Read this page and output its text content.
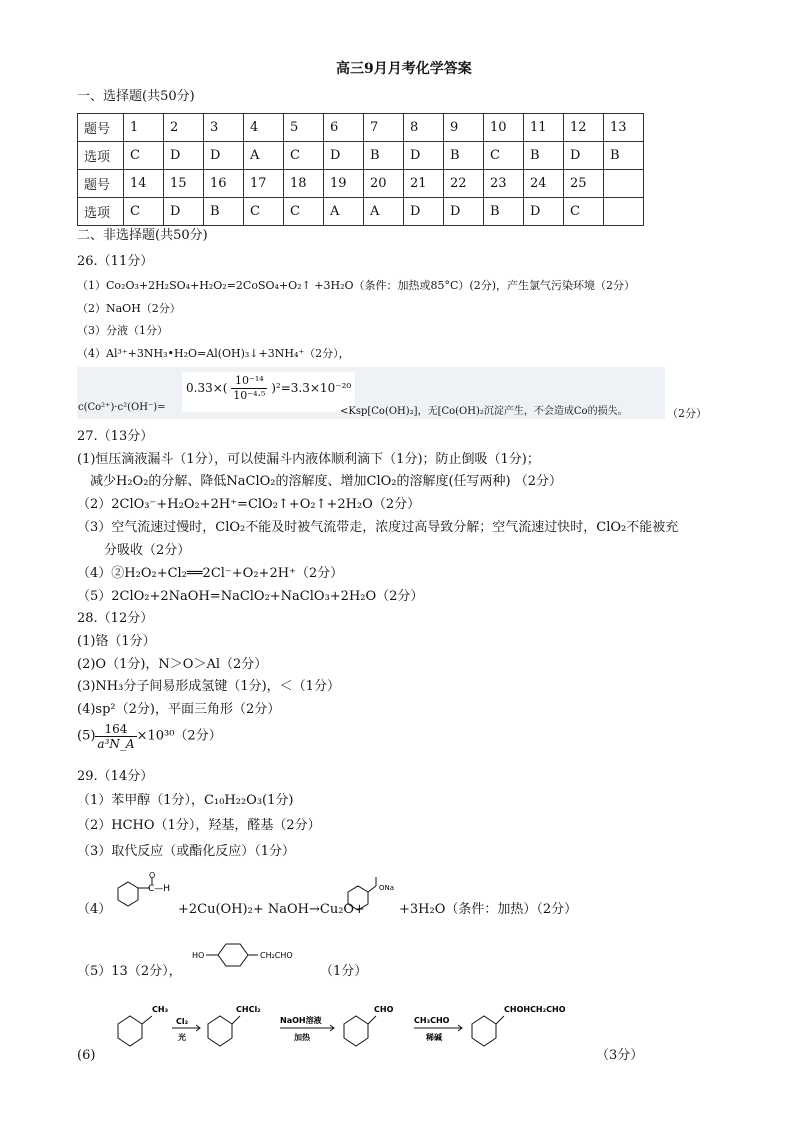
高三9月月考化学答案
一、选择题(共50分)
题号	1	2	3	4	5	6	7	8	9	10	11	12	13
选项	C	D	D	A	C	D	B	D	B	C	B	D	B
题号	14	15	16	17	18	19	20	21	22	23	24	25	
选项	C	D	B	C	C	A	A	D	D	B	D	C	
二、非选择题(共50分)
26.（11分）
（1）Co₂O₃+2H₂SO₄+H₂O₂=2CoSO₄+O₂↑ +3H₂O（条件：加热或85°C）(2分)，产生氯气污染环境（2分）
（2）NaOH（2分）
（3）分液（1分）
（4）Al³⁺+3NH₃•H₂O=Al(OH)₃↓+3NH₄⁺（2分），
c(Co²⁺)·c²(OH⁻)=
$0.33\times( \frac{\text{10⁻¹⁴}}{\text{10⁻⁴·⁵}} )^2=3.3\times 10^{-20}$
<Ksp[Co(OH)₂]，无[Co(OH)₂沉淀产生，不会造成Co的损失。	（2分）
27.（13分）
(1)恒压滴液漏斗（1分），可以使漏斗内液体顺利滴下（1分)；防止倒吸（1分)；
减少H₂O₂的分解、降低NaClO₂的溶解度、增加ClO₂的溶解度(任写两种) （2分）
（2）2ClO₃⁻+H₂O₂+2H⁺=ClO₂↑+O₂↑+2H₂O（2分）
（3）空气流速过慢时，ClO₂不能及时被气流带走，浓度过高导致分解；空气流速过快时，ClO₂不能被充
分吸收（2分）
（4）②H₂O₂+Cl₂══2Cl⁻+O₂+2H⁺（2分）
（5）2ClO₂+2NaOH=NaClO₂+NaClO₃+2H₂O（2分）
28.（12分）
(1)铬（1分）
(2)O（1分)，N＞O＞Al（2分）
(3)NH₃分子间易形成氢键（1分)，＜（1分）
(4)sp²（2分)，平面三角形（2分）
$(5) \frac{164}{\text{a³N\_A}} \times 10^{30}(2$分）
29.（14分）
（1）苯甲醇（1分），C₁₀H₂₂O₃(1分)
（2）HCHO（1分），羟基，醛基（2分）
（3）取代反应（或酯化反应）（1分）
（4）
O
C—H
+2Cu(OH)₂+ NaOH→Cu₂O+
ONa
+3H₂O（条件：加热）（2分）
（5）13（2分），
HO	CH₂CHO
（1分）
(6)
CH₃
Cl₂
光
CHCl₂
NaOH溶液
加热
CHO
CH₃CHO
稀碱
CHOHCH₂CHO
（3分）
